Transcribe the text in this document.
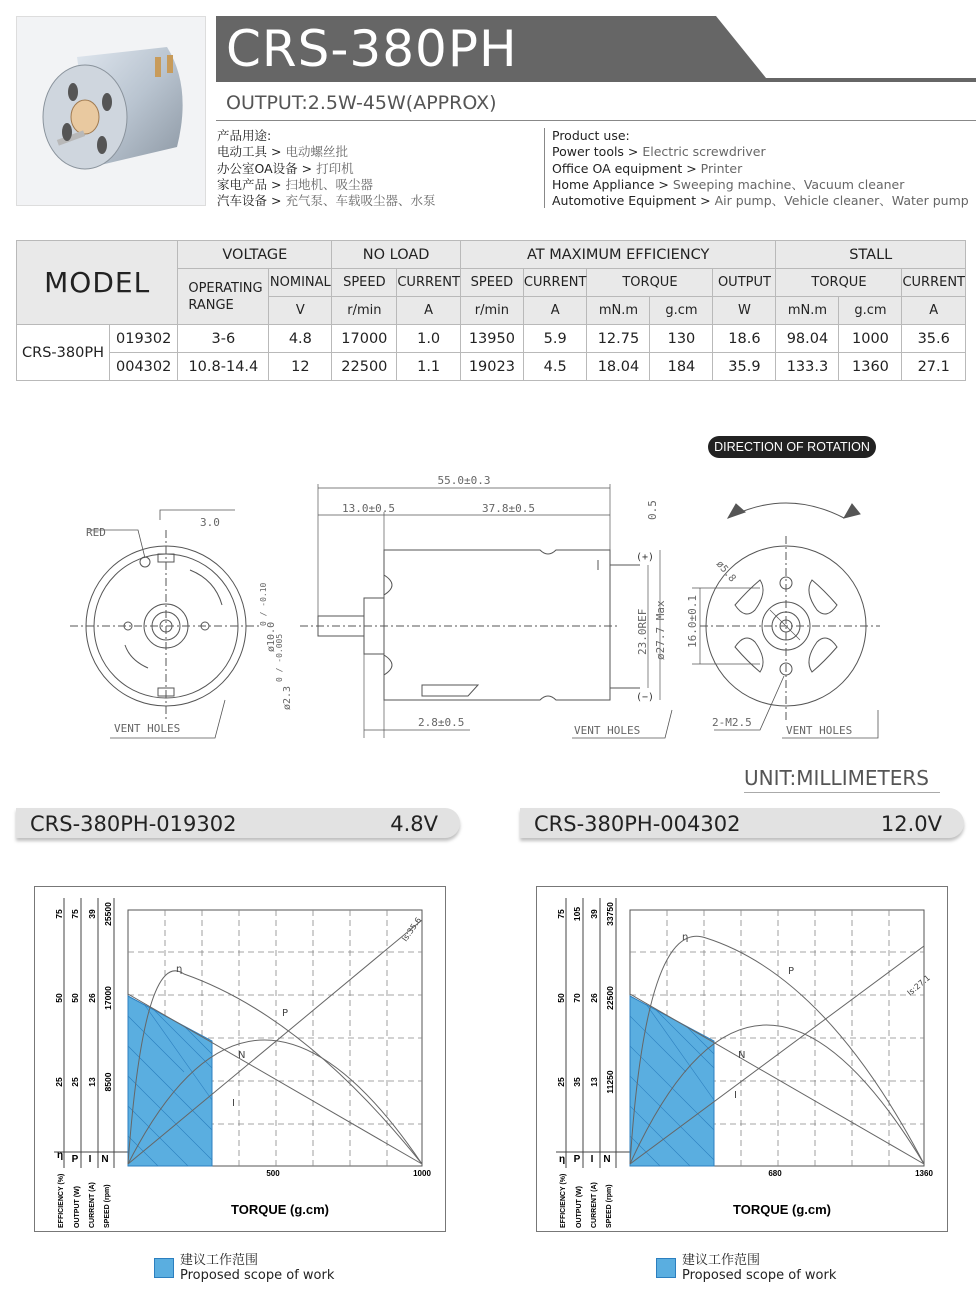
CRS-380PH
OUTPUT:2.5W-45W(APPROX)
产品用途:
电动工具 > 电动螺丝批
办公室OA设备 > 打印机
家电产品 > 扫地机、吸尘器
汽车设备 > 充气泵、车载吸尘器、水泵
Product use:
Power tools > Electric screwdriver
Office OA equipment > Printer
Home Appliance > Sweeping machine、Vacuum cleaner
Automotive Equipment > Air pump、Vehicle cleaner、Water pump
MODEL		VOLTAGE		NO LOAD		AT MAXIMUM EFFICIENCY					STALL		
		OPERATING
RANGE	NOMINAL	SPEED	CURRENT	SPEED	CURRENT	TORQUE		OUTPUT	TORQUE		CURRENT
			V	r/min	A	r/min	A	mN.m	g.cm	W	mN.m	g.cm	A
CRS-380PH	019302	3-6	4.8	17000	1.0	13950	5.9	12.75	130	18.6	98.04	1000	35.6
	004302	10.8-14.4	12	22500	1.1	19023	4.5	18.04	184	35.9	133.3	1360	27.1
DIRECTION OF ROTATION
RED
3.0
VENT HOLES
55.0±0.3
13.0±0.5	37.8±0.5	0.5
2.8±0.5
ø10.0
0 / -0.10
ø2.3
0 / -0.005
23.0REF ø27.7 Max 16.0±0.1
(+)
(−)
VENT HOLES
ø5.8
2-M2.5
VENT HOLES
UNIT:MILLIMETERS
CRS-380PH-019302	4.8V	CRS-380PH-004302	12.0V
η P I N
EFFICIENCY (%) OUTPUT (W) CURRENT (A) SPEED (rpm)
75
50
25
75
50
25
39
26
13
25500
17000
8500
η
P
N
I
Is:35.6
500	1000
TORQUE (g.cm)
η P I N
EFFICIENCY (%) OUTPUT (W) CURRENT (A) SPEED (rpm)
75
50
25
105
70
35
39
26
13
33750
22500
11250
η
P
N
I
Is:27.1
680	1360
TORQUE (g.cm)
建议工作范围
Proposed scope of work
建议工作范围
Proposed scope of work
